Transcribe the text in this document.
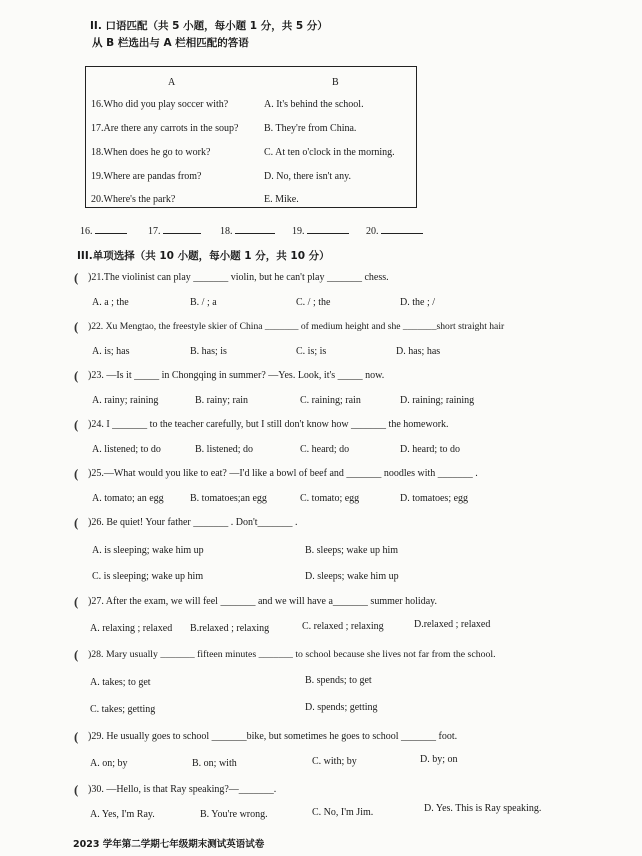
II. 口语匹配（共 5 小题，每小题 1 分，共 5 分）
从 B 栏选出与 A 栏相匹配的答语
A	B
16.Who did you play soccer with?	A. It's behind the school.
17.Are there any carrots in the soup?	B. They're from China.
18.When does he go to work?	C. At ten o'clock in the morning.
19.Where are pandas from?	D. No, there isn't any.
20.Where's the park?	E. Mike.
16.	17.	18.	19.	20.
III.单项选择（共 10 小题，每小题 1 分，共 10 分）
( )21.The violinist can play _______ violin, but he can't play _______ chess.
A. a ; the	B. / ; a	C. / ; the	D. the ; /
( )22. Xu Mengtao, the freestyle skier of China _______ of medium height and she _______short straight hair
A. is; has	B. has; is	C. is; is	D. has; has
( )23. —Is it _____ in Chongqing in summer? —Yes. Look, it's _____ now.
A. rainy; raining	B. rainy; rain	C. raining; rain	D. raining; raining
( )24. I _______ to the teacher carefully, but I still don't know how _______ the homework.
A. listened; to do	B. listened; do	C. heard; do	D. heard; to do
( )25.—What would you like to eat? —I'd like a bowl of beef and _______ noodles with _______ .
A. tomato; an egg	B. tomatoes;an egg	C. tomato; egg	D. tomatoes; egg
( )26. Be quiet! Your father _______ . Don't_______ .
A. is sleeping; wake him up	B. sleeps; wake up him
C. is sleeping; wake up him	D. sleeps; wake him up
( )27. After the exam, we will feel _______ and we will have a_______ summer holiday.
A. relaxing ; relaxed B.relaxed ; relaxing	C. relaxed ; relaxing	D.relaxed ; relaxed
( )28. Mary usually _______ fifteen minutes _______ to school because she lives not far from the school.
A. takes; to get	B. spends; to get
C. takes; getting	D. spends; getting
( )29. He usually goes to school _______bike, but sometimes he goes to school _______ foot.
A. on; by	B. on; with	C. with; by	D. by; on
( )30. —Hello, is that Ray speaking?—_______.
A. Yes, I'm Ray.	B. You're wrong.	C. No, I'm Jim.	D. Yes. This is Ray speaking.
2023 学年第二学期七年级期末测试英语试卷
